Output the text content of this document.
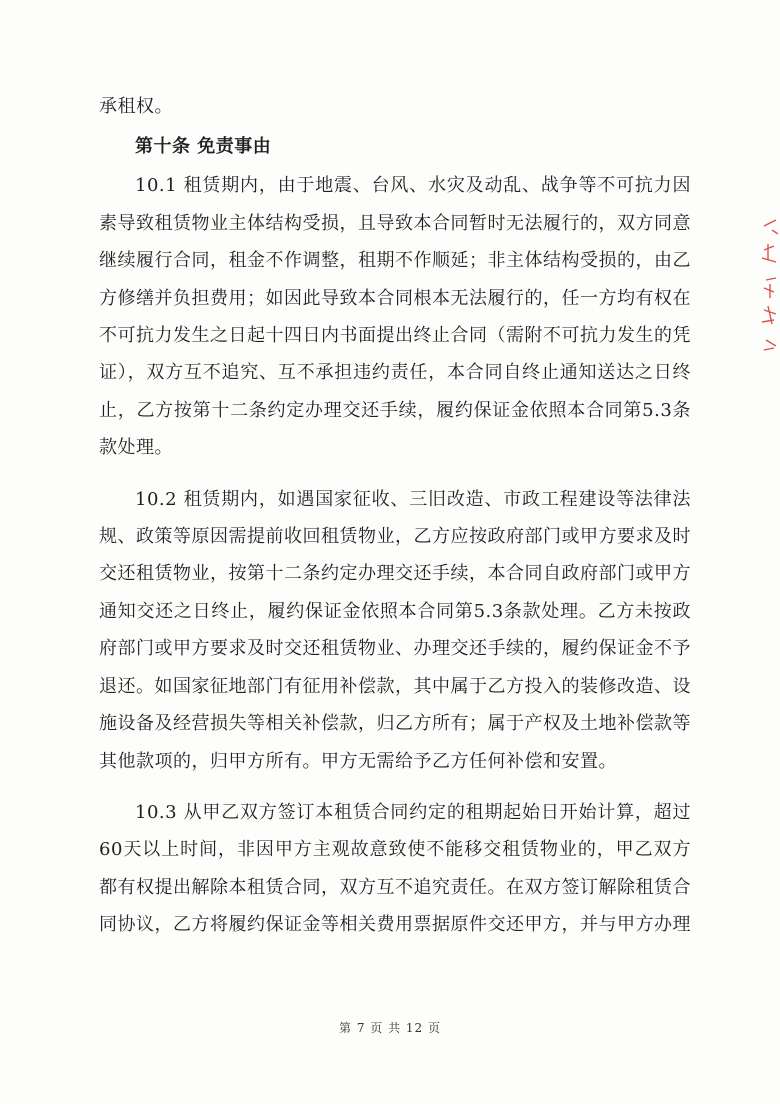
承租权。

第十条 免责事由

10.1 租赁期内，由于地震、台风、水灾及动乱、战争等不可抗力因素导致租赁物业主体结构受损，且导致本合同暂时无法履行的，双方同意继续履行合同，租金不作调整，租期不作顺延；非主体结构受损的，由乙方修缮并负担费用；如因此导致本合同根本无法履行的，任一方均有权在不可抗力发生之日起十四日内书面提出终止合同（需附不可抗力发生的凭证），双方互不追究、互不承担违约责任，本合同自终止通知送达之日终止，乙方按第十二条约定办理交还手续，履约保证金依照本合同第5.3条款处理。

10.2 租赁期内，如遇国家征收、三旧改造、市政工程建设等法律法规、政策等原因需提前收回租赁物业，乙方应按政府部门或甲方要求及时交还租赁物业，按第十二条约定办理交还手续，本合同自政府部门或甲方通知交还之日终止，履约保证金依照本合同第5.3条款处理。乙方未按政府部门或甲方要求及时交还租赁物业、办理交还手续的，履约保证金不予退还。如国家征地部门有征用补偿款，其中属于乙方投入的装修改造、设施设备及经营损失等相关补偿款，归乙方所有；属于产权及土地补偿款等其他款项的，归甲方所有。甲方无需给予乙方任何补偿和安置。

10.3 从甲乙双方签订本租赁合同约定的租期起始日开始计算，超过60天以上时间，非因甲方主观故意致使不能移交租赁物业的，甲乙双方都有权提出解除本租赁合同，双方互不追究责任。在双方签订解除租赁合同协议，乙方将履约保证金等相关费用票据原件交还甲方，并与甲方办理

第 7 页 共 12 页
